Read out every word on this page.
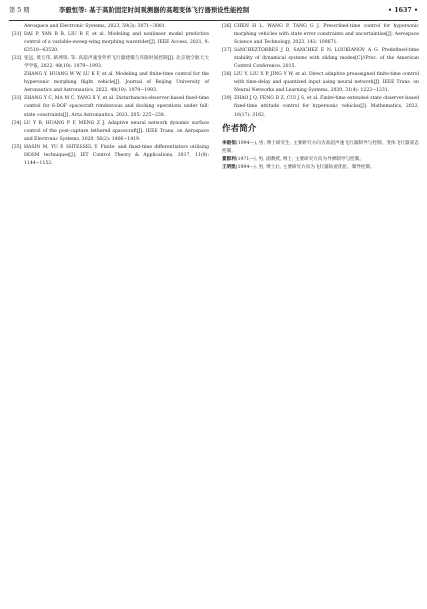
第 5 期	李毅恒等: 基于高阶固定时间观测器的高超变体飞行器预设性能控制	• 1637 •
Aerospace and Electronic Systems, 2023, 59(3): 3071−3081.
[31] DAI P, YAN B B, LIU R F, et al. Modeling and nonlinear model predictive control of a variable-sweep-wing morphing waverider[J]. IEEE Access, 2021, 9: 63510−63520.
[32] 张远, 黄万伟, 路坤锋, 等. 高超声速变外形飞行器建模与有限时间控制[J]. 北京航空航天大学学报, 2022, 48(10): 1979−1993.
ZHANG Y, HUANG W W, LU K F, et al. Modeling and finite-time control for the hypersonic morphing flight vehicle[J]. Journal of Beijing University of Aeronautics and Astronautics, 2022, 48(10): 1979−1993.
[33] ZHANG Y C, MA M C, YANG X Y, et al. Disturbances-observer-based fixed-time control for 6-DOF spacecraft rendezvous and docking operations under full-state constraints[J]. Acta Astronautica, 2023, 205: 225−238.
[34] LU Y B, HUANG P F, MENG Z J. Adaptive neural network dynamic surface control of the post-capture tethered spacecraft[J]. IEEE Trans. on Aerospace and Electronic Systems, 2020, 56(2): 1406−1419.
[35] HASIN M, YU P, SHTESSEL Y. Finite- and fixed-time differentiators utilising HOSM techniques[J]. IET Control Theory & Applications, 2017, 11(8): 1144−1152.
[36] CHEN H L, WANG P, TANG G J. Prescribed-time control for hypersonic morphing vehicles with state error constraints and uncertainties[J]. Aerospace Science and Technology, 2023, 142: 108671.
[37] SáNCHEZTORRES J D, SANCHEZ E N, LOUKIANOV A G. Predefined-time stability of dynamical systems with sliding modes[C]//Proc. of the American Control Conference, 2015.
[38] LIU Y, LIU X P, JING Y W, et al. Direct adaptive preassigned finite-time control with time-delay and quantized input using neural network[J]. IEEE Trans. on Neural Networks and Learning Systems, 2020, 31(4): 1222−1231.
[39] ZHAO J Q, FENG D Z, CUI J S, et al. Finite-time extended state observer-based fixed-time attitude control for hypersonic vehicles[J]. Mathematics, 2022, 10(17): 3162.
作者简介

李毅恒(1994—), 男, 博士研究生, 主要研究方向为高超声速飞行器制导与控制、变体飞行器姿态控制。

夏群利(1971—), 男, 副教授, 博士, 主要研究方向为导弹制导与控制。

王明凯(1994—), 男, 博士后, 主要研究方向为飞行器轨迹优化、制导控制。
